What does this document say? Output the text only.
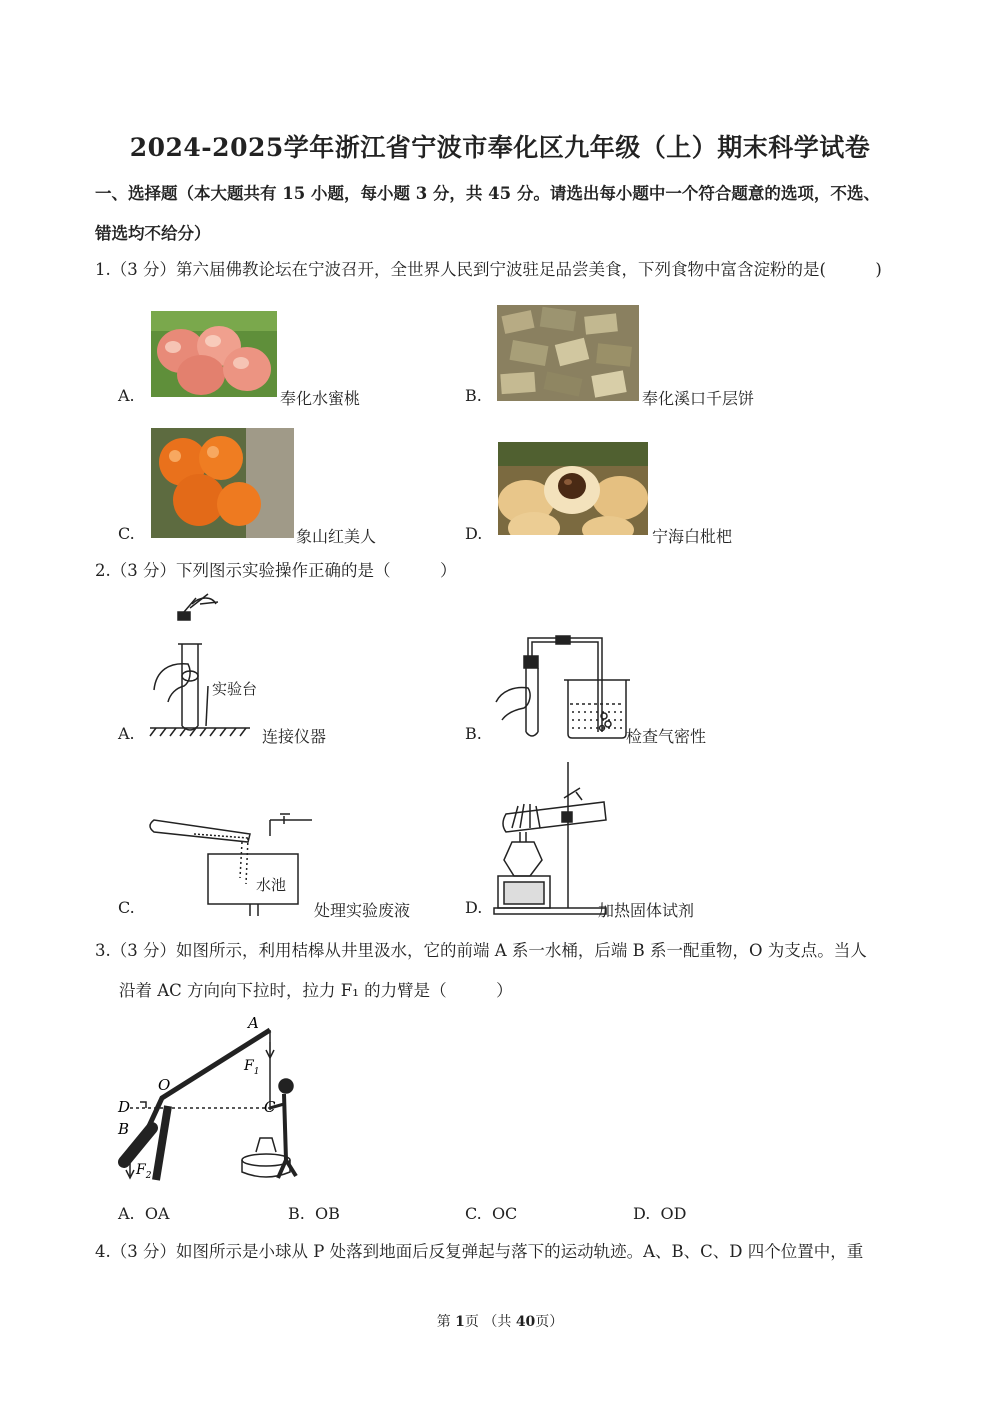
2024-2025学年浙江省宁波市奉化区九年级（上）期末科学试卷
一、选择题（本大题共有 15 小题，每小题 3 分，共 45 分。请选出每小题中一个符合题意的选项，不选、
错选均不给分）
1.（3 分）第六届佛教论坛在宁波召开，全世界人民到宁波驻足品尝美食，下列食物中富含淀粉的是(　　　)
A.	奉化水蜜桃	B.	奉化溪口千层饼
C.	象山红美人	D.	宁海白枇杷
2.（3 分）下列图示实验操作正确的是（　　　）
A.
实验台
连接仪器	B.	检查气密性
C.
水池
处理实验废液	D.	加热固体试剂
3.（3 分）如图所示，利用桔槔从井里汲水，它的前端 A 系一水桶，后端 B 系一配重物，O 为支点。当人
沿着 AC 方向向下拉时，拉力 F₁ 的力臂是（　　　）
A
O
D
B
C
$F_1$
$F_2$
A. OA	B. OB	C. OC	D. OD
4.（3 分）如图所示是小球从 P 处落到地面后反复弹起与落下的运动轨迹。A、B、C、D 四个位置中，重
第 1页 （共 40页）
